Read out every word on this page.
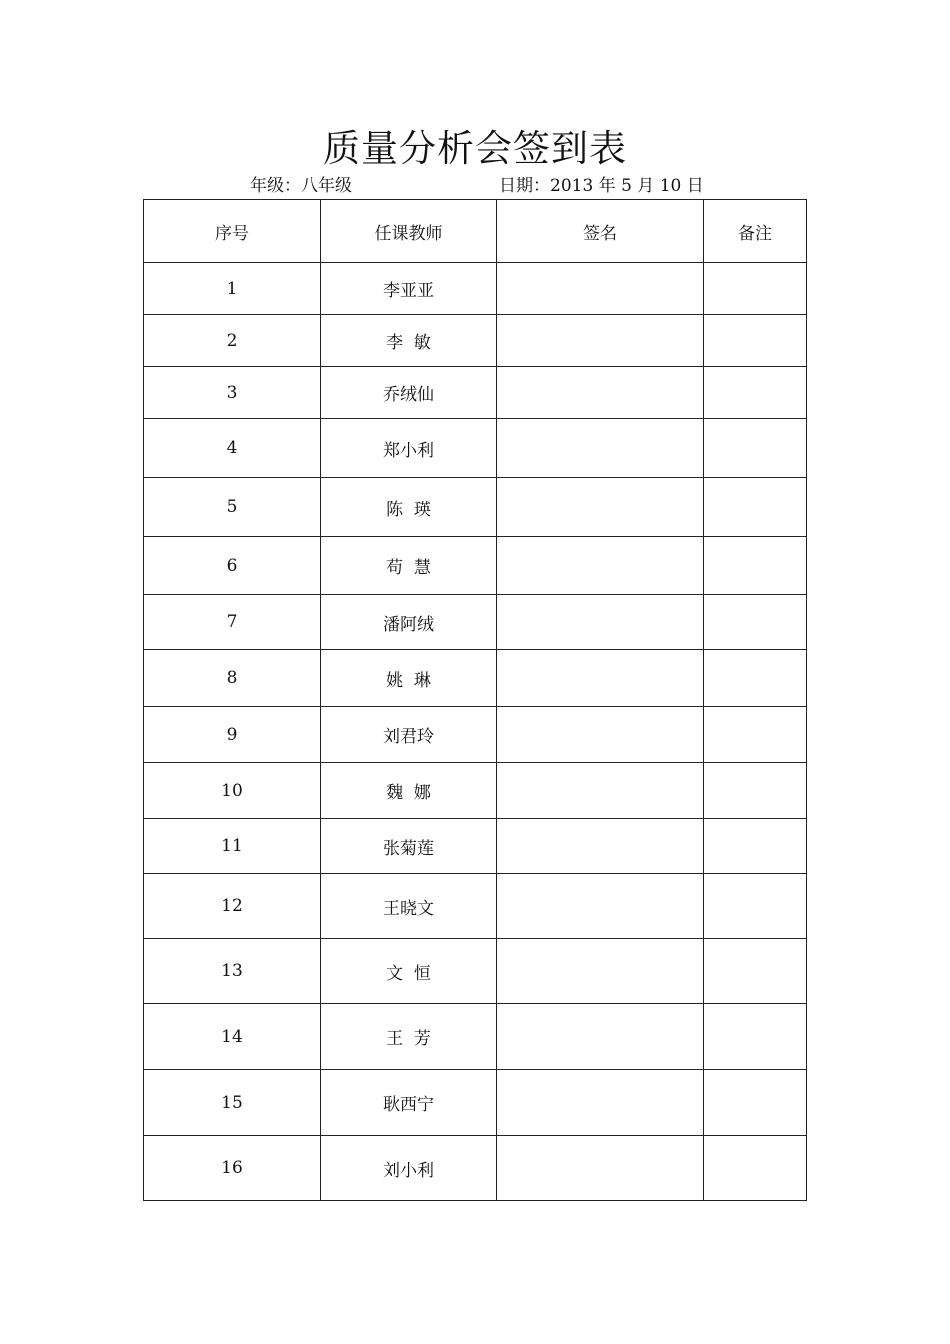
质量分析会签到表
年级：八年级	日期：2013 年 5 月 10 日
序号	任课教师	签名	备注
1	李亚亚		
2	李  敏		
3	乔绒仙		
4	郑小利		
5	陈  瑛		
6	苟  慧		
7	潘阿绒		
8	姚  琳		
9	刘君玲		
10	魏  娜		
11	张菊莲		
12	王晓文		
13	文  恒		
14	王  芳		
15	耿西宁		
16	刘小利		
